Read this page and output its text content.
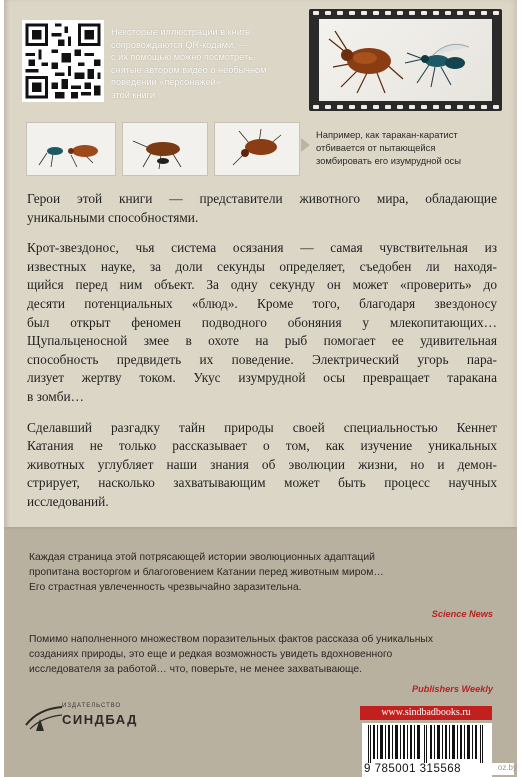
Некоторые иллюстрации в книге
сопровождаются QR-кодами, —
с их помощью можно посмотреть
снятые автором видео о необычном
поведении «персонажей»
этой книги
Например, как таракан-каратист
отбивается от пытающейся
зомбировать его изумрудной осы

Герои этой книги — представители животного мира, обладающие
уникальными способностями.

Крот-звездонос, чья система осязания — самая чувствительная из
известных науке, за доли секунды определяет, съедобен ли находя-
щийся перед ним объект. За одну секунду он может «проверить» до
десяти потенциальных «блюд». Кроме того, благодаря звездоносу
был открыт феномен подводного обоняния у млекопитающих…
Щупальценосной змее в охоте на рыб помогает ее удивительная
способность предвидеть их поведение. Электрический угорь пара-
лизует жертву током. Укус изумрудной осы превращает таракана
в зомби…

Сделавший разгадку тайн природы своей специальностью Кеннет
Катания не только рассказывает о том, как изучение уникальных
животных углубляет наши знания об эволюции жизни, но и демон-
стрирует, насколько захватывающим может быть процесс научных
исследований.

Каждая страница этой потрясающей истории эволюционных адаптаций
пропитана восторгом и благоговением Катании перед животным миром…
Его страстная увлеченность чрезвычайно заразительна.
Science News
Помимо наполненного множеством поразительных фактов рассказа об уникальных
созданиях природы, это еще и редкая возможность увидеть вдохновенного
исследователя за работой… что, поверьте, не менее захватывающе.
Publishers Weekly
ИЗДАТЕЛЬСТВО
СИНДБАД	www.sindbadbooks.ru
9 785001 315568	oz.by
